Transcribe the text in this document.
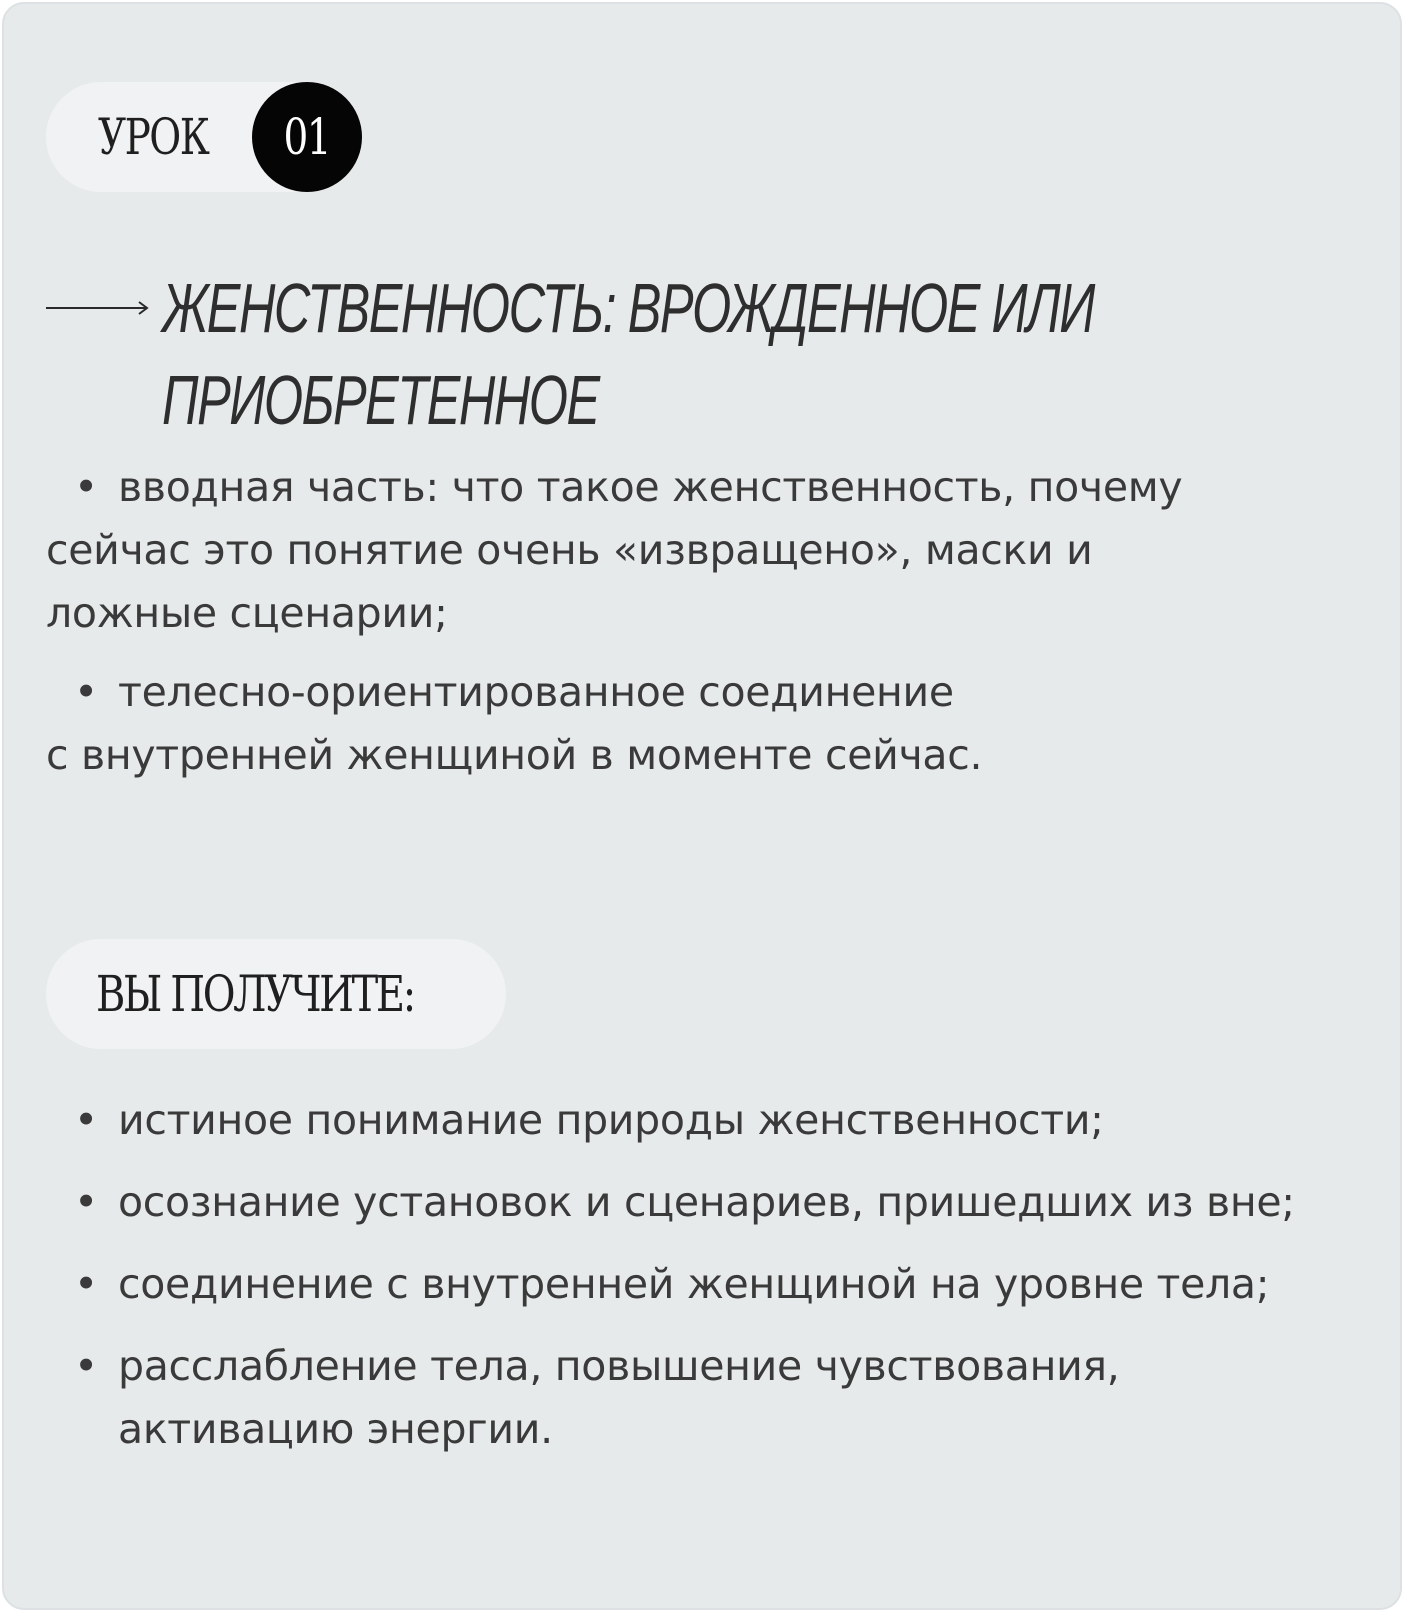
УРОК	01
ЖЕНСТВЕННОСТЬ: ВРОЖДЕННОЕ ИЛИ
ПРИОБРЕТЕННОЕ
• вводная часть: что такое женственность, почему
сейчас это понятие очень «извращено», маски и
ложные сценарии;
• телесно-ориентированное соединение
с внутренней женщиной в моменте сейчас.
ВЫ ПОЛУЧИТЕ:
• истиное понимание природы женственности;
• осознание установок и сценариев, пришедших из вне;
• соединение с внутренней женщиной на уровне тела;
• расслабление тела, повышение чувствования,
активацию энергии.
